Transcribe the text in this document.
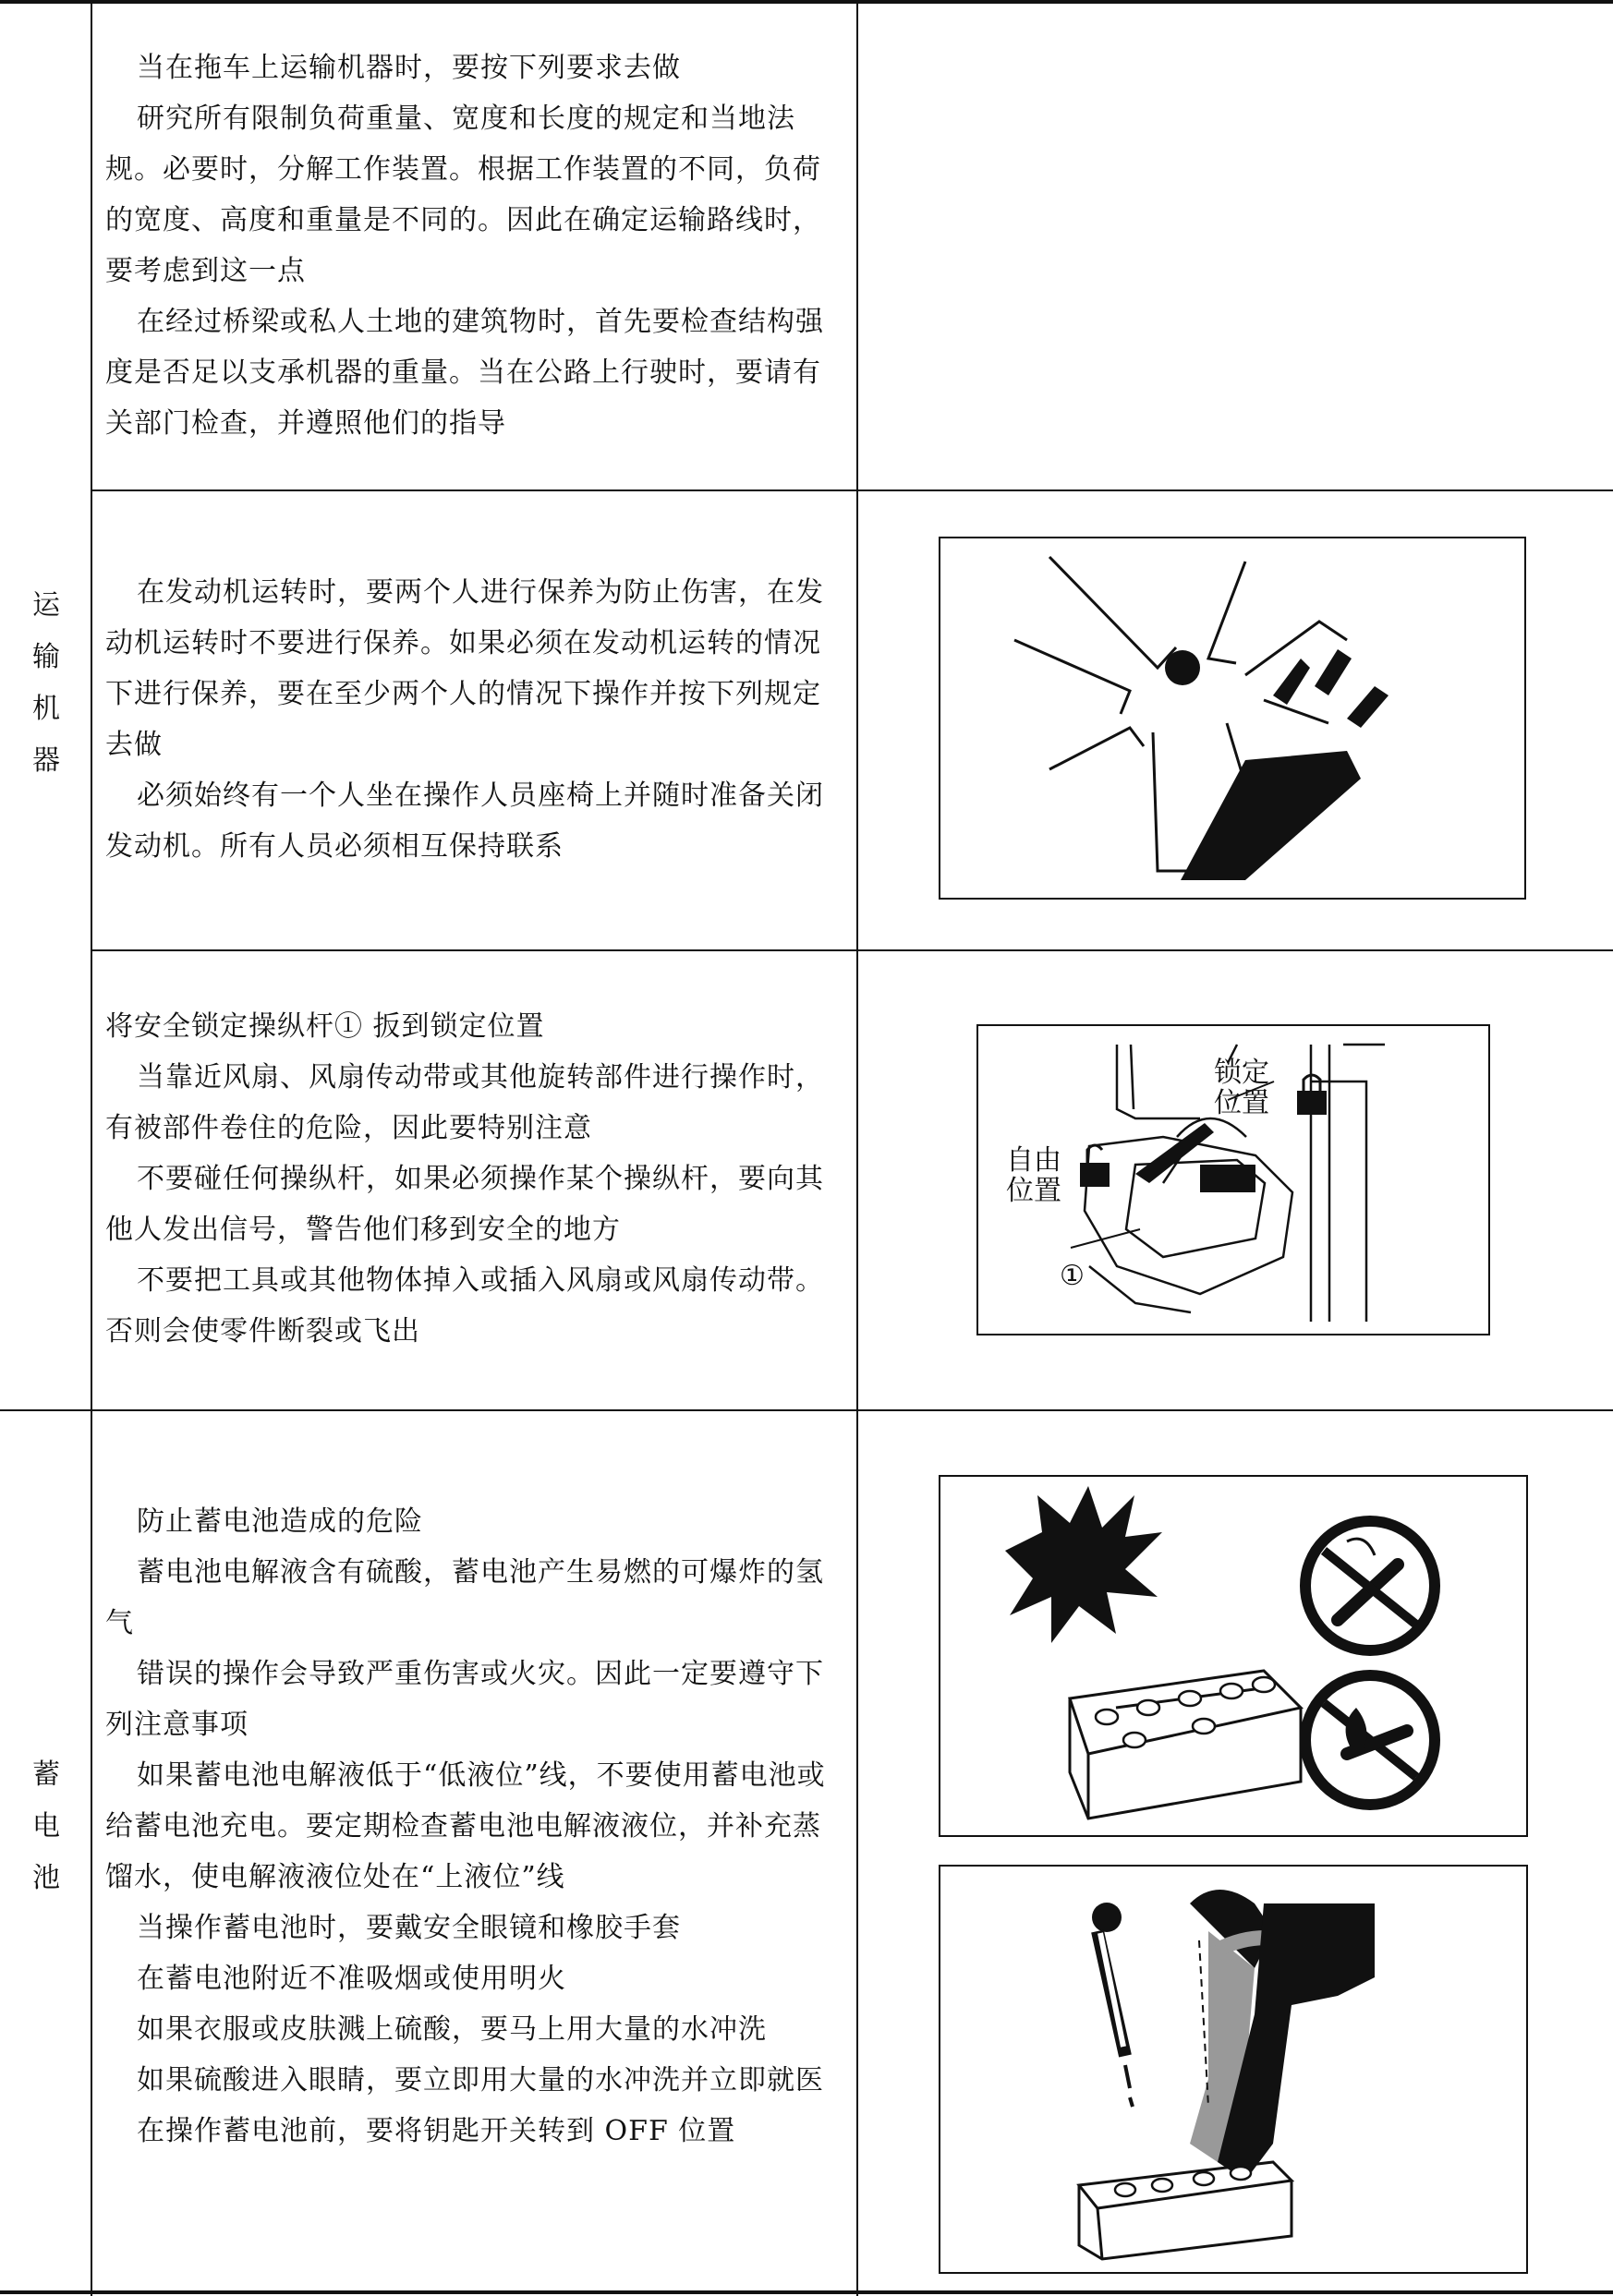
运
输
机
器
蓄
电
池

当在拖车上运输机器时，要按下列要求去做

研究所有限制负荷重量、宽度和长度的规定和当地法规。必要时，分解工作装置。根据工作装置的不同，负荷的宽度、高度和重量是不同的。因此在确定运输路线时，要考虑到这一点

在经过桥梁或私人土地的建筑物时，首先要检查结构强度是否足以支承机器的重量。当在公路上行驶时，要请有关部门检查，并遵照他们的指导

在发动机运转时，要两个人进行保养为防止伤害，在发动机运转时不要进行保养。如果必须在发动机运转的情况下进行保养，要在至少两个人的情况下操作并按下列规定去做

必须始终有一个人坐在操作人员座椅上并随时准备关闭发动机。所有人员必须相互保持联系

将安全锁定操纵杆① 扳到锁定位置

当靠近风扇、风扇传动带或其他旋转部件进行操作时，有被部件卷住的危险，因此要特别注意

不要碰任何操纵杆，如果必须操作某个操纵杆，要向其他人发出信号，警告他们移到安全的地方

不要把工具或其他物体掉入或插入风扇或风扇传动带。否则会使零件断裂或飞出

防止蓄电池造成的危险

蓄电池电解液含有硫酸，蓄电池产生易燃的可爆炸的氢气

错误的操作会导致严重伤害或火灾。因此一定要遵守下列注意事项

如果蓄电池电解液低于“低液位”线，不要使用蓄电池或给蓄电池充电。要定期检查蓄电池电解液液位，并补充蒸馏水，使电解液液位处在“上液位”线

当操作蓄电池时，要戴安全眼镜和橡胶手套

在蓄电池附近不准吸烟或使用明火

如果衣服或皮肤溅上硫酸，要马上用大量的水冲洗

如果硫酸进入眼睛，要立即用大量的水冲洗并立即就医

在操作蓄电池前，要将钥匙开关转到 OFF 位置

锁定
位置
自由
位置
①
